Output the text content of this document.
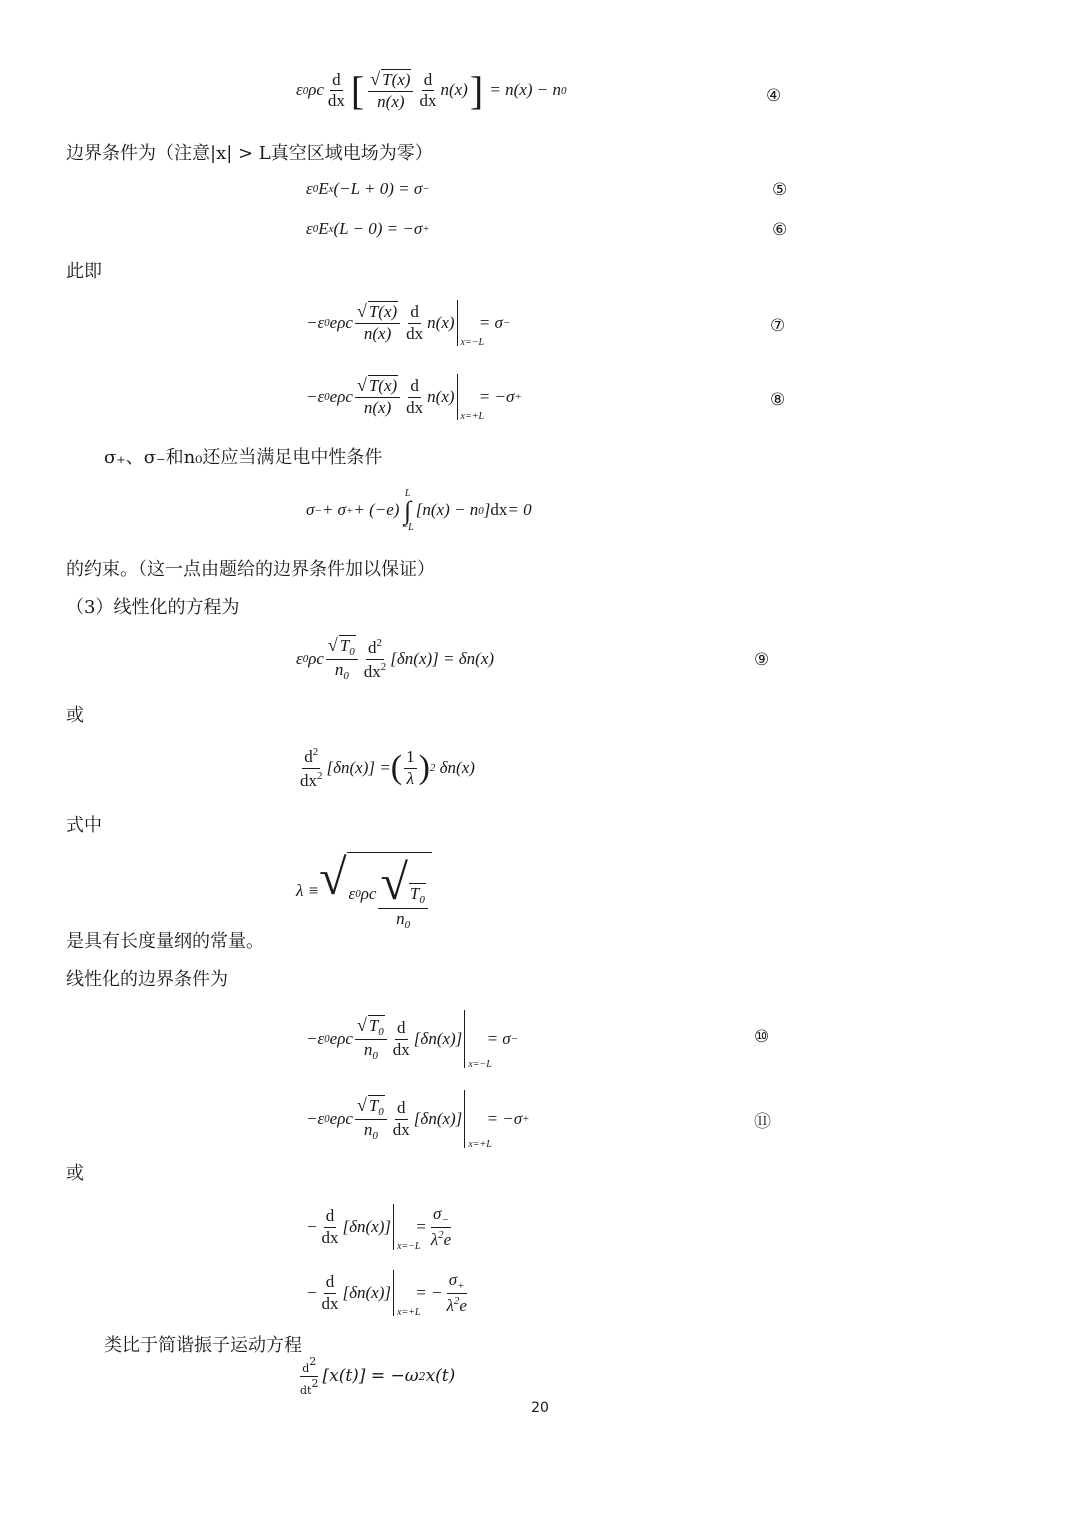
ε 0 ρc $\frac{d}{dx}$ [ $\frac{√ T(x)}{n(x)} \frac{d}{dx} n(x)$ ] = n(x) − n 0	④
边界条件为（注意|x| > L真空区域电场为零）
ε 0 E x (−L + 0) = σ −	⑤
ε 0 E x (L − 0) = −σ +	⑥
此即
−ε 0 eρc $\frac{√ T(x)}{n(x)} \frac{d}{dx} n(x)$
x=−L
= σ −	⑦
−ε 0 eρc $\frac{√ T(x)}{n(x)} \frac{d}{dx} n(x)$
x=+L
= −σ +	⑧
σ₊、σ₋和n₀还应当满足电中性条件
σ − + σ + + (−e)
L
∫
−L
[n(x) − n 0 ] dx = 0
的约束。（这一点由题给的边界条件加以保证）
（3）线性化的方程为
ε 0 ρc $\frac{√ T_0}{n_0} \frac{d^2}{dx^2} [\delta n(x)] = \delta n(x)$	⑨
或
$\frac{d^2}{dx^2} [\delta n(x)]$ = ( $\frac{1}{\lambda}$ ) 2 δn(x)
式中
λ ≡ √ ε 0 ρc $\frac{√ T_0}{n_0}$
是具有长度量纲的常量。
线性化的边界条件为
−ε 0 eρc $\frac{√ T_0}{n_0} \frac{d}{dx} [\delta n(x)]$
x=−L
= σ −	⑩
−ε 0 eρc $\frac{√ T_0}{n_0} \frac{d}{dx} [\delta n(x)]$
x=+L
= −σ +	⑪
或
− $\frac{d}{dx} [\delta n(x)]$
x=−L
= $\frac{\sigma_-}{\lambda^2e}$
− $\frac{d}{dx} [\delta n(x)]$
x=+L
= − $\frac{\sigma_+}{\lambda^2e}$
类比于简谐振子运动方程
$\frac{d2}{dt2} [x(t)] = -\omega$ 2 x(t)
20
